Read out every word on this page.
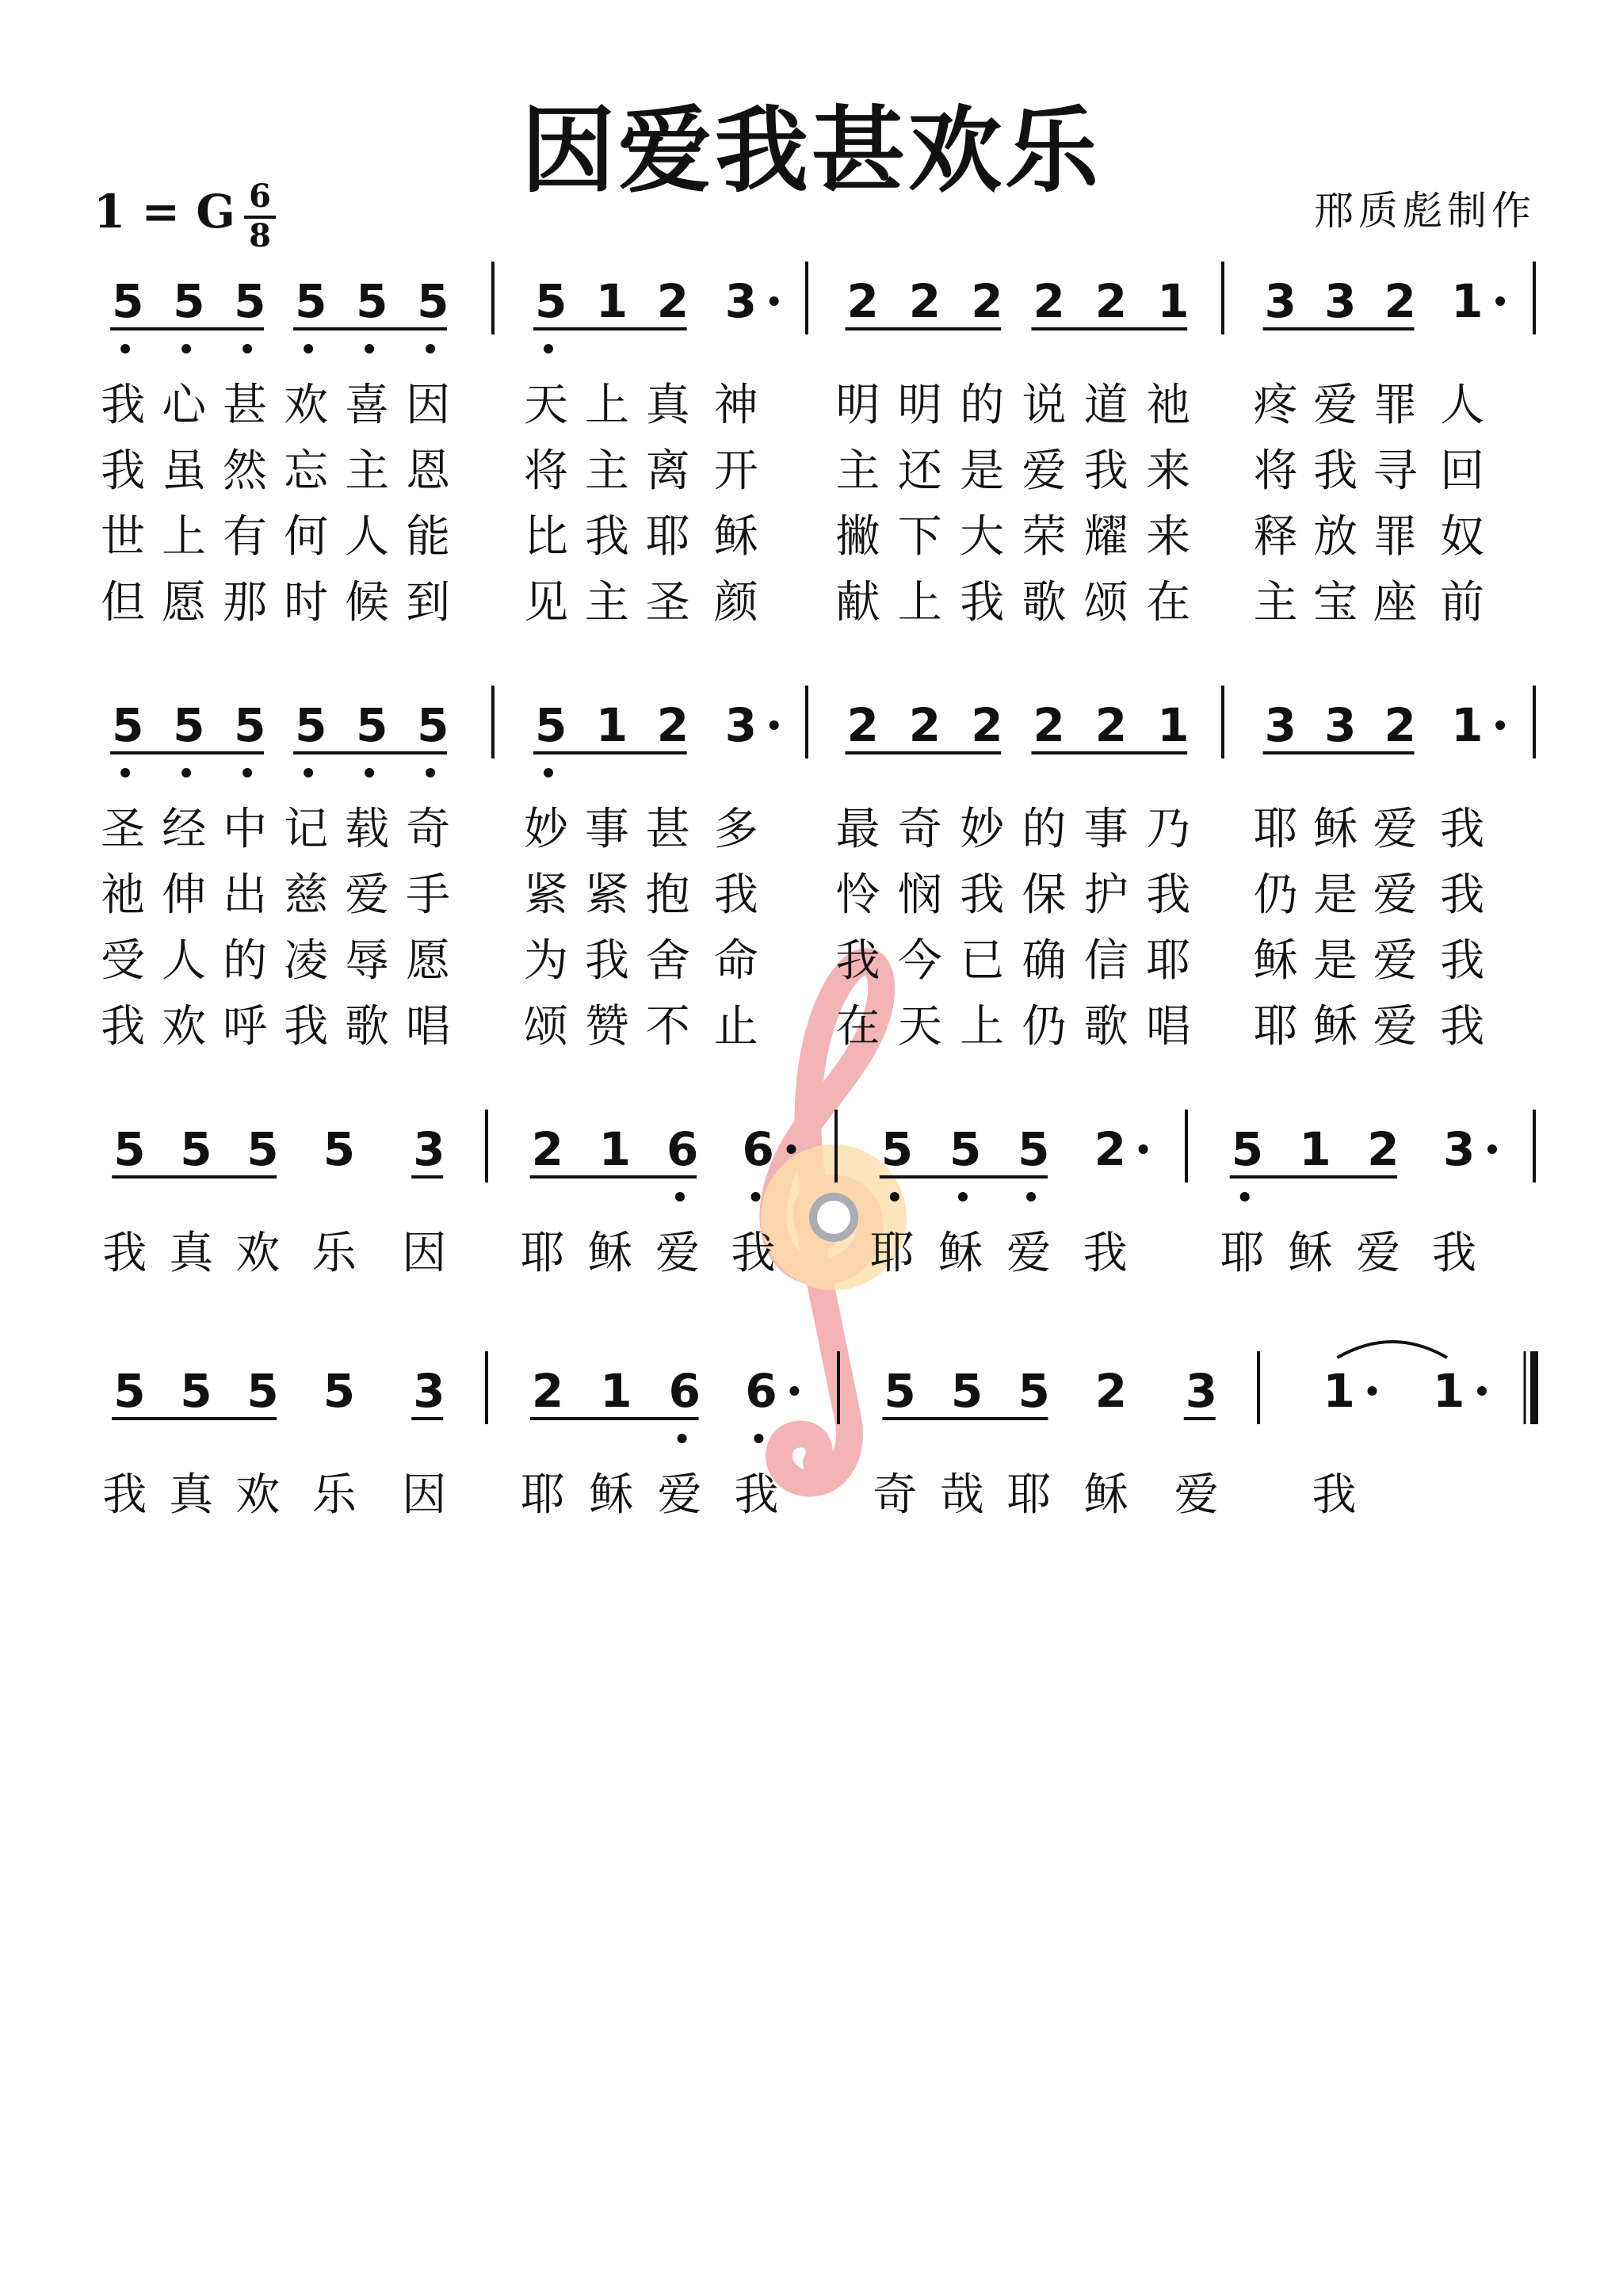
因爱我甚欢乐
1 = G 6
8
邢质彪制作
5 5 5 5 5 5 5 1 2 3 2 2 2 2 2 1 3 3 2 1
我 心 甚 欢 喜 因 天 上 真 神 明 明 的 说 道 祂 疼 爱 罪 人
我 虽 然 忘 主 恩 将 主 离 开 主 还 是 爱 我 来 将 我 寻 回
世 上 有 何 人 能 比 我 耶 稣 撇 下 大 荣 耀 来 释 放 罪 奴
但 愿 那 时 候 到 见 主 圣 颜 献 上 我 歌 颂 在 主 宝 座 前
5 5 5 5 5 5 5 1 2 3 2 2 2 2 2 1 3 3 2 1
圣 经 中 记 载 奇 妙 事 甚 多 最 奇 妙 的 事 乃 耶 稣 爱 我
祂 伸 出 慈 爱 手 紧 紧 抱 我 怜 悯 我 保 护 我 仍 是 爱 我
受 人 的 凌 辱 愿 为 我 舍 命 我 今 已 确 信 耶 稣 是 爱 我
我 欢 呼 我 歌 唱 颂 赞 不 止 在 天 上 仍 歌 唱 耶 稣 爱 我
5 5 5 5 3 2 1 6 6 5 5 5 2 5 1 2 3
我 真 欢 乐 因 耶 稣 爱 我 耶 稣 爱 我 耶 稣 爱 我
5 5 5 5 3 2 1 6 6 5 5 5 2 3 1 1
我 真 欢 乐 因 耶 稣 爱 我 奇 哉 耶 稣 爱 我
